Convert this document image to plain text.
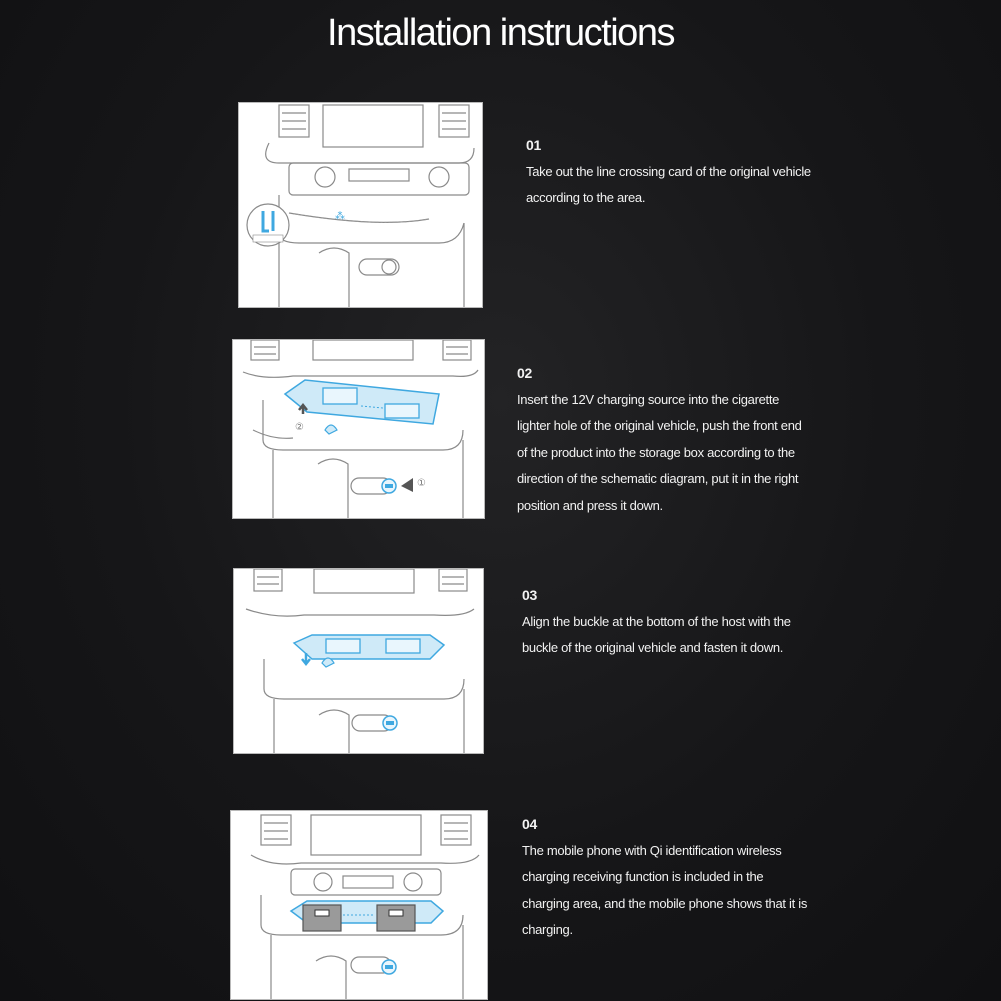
Installation instructions
⁂
01

Take out the line crossing card of the original vehicle according to the area.

②
①
02

Insert the 12V charging source into the cigarette lighter hole of the original vehicle, push the front end of the product into the storage box according to the direction of the schematic diagram, put it in the right position and press it down.

03

Align the buckle at the bottom of the host with the buckle of the original vehicle and fasten it down.

04

The mobile phone with Qi identification wireless charging receiving function is included in the charging area, and the mobile phone shows that it is charging.
